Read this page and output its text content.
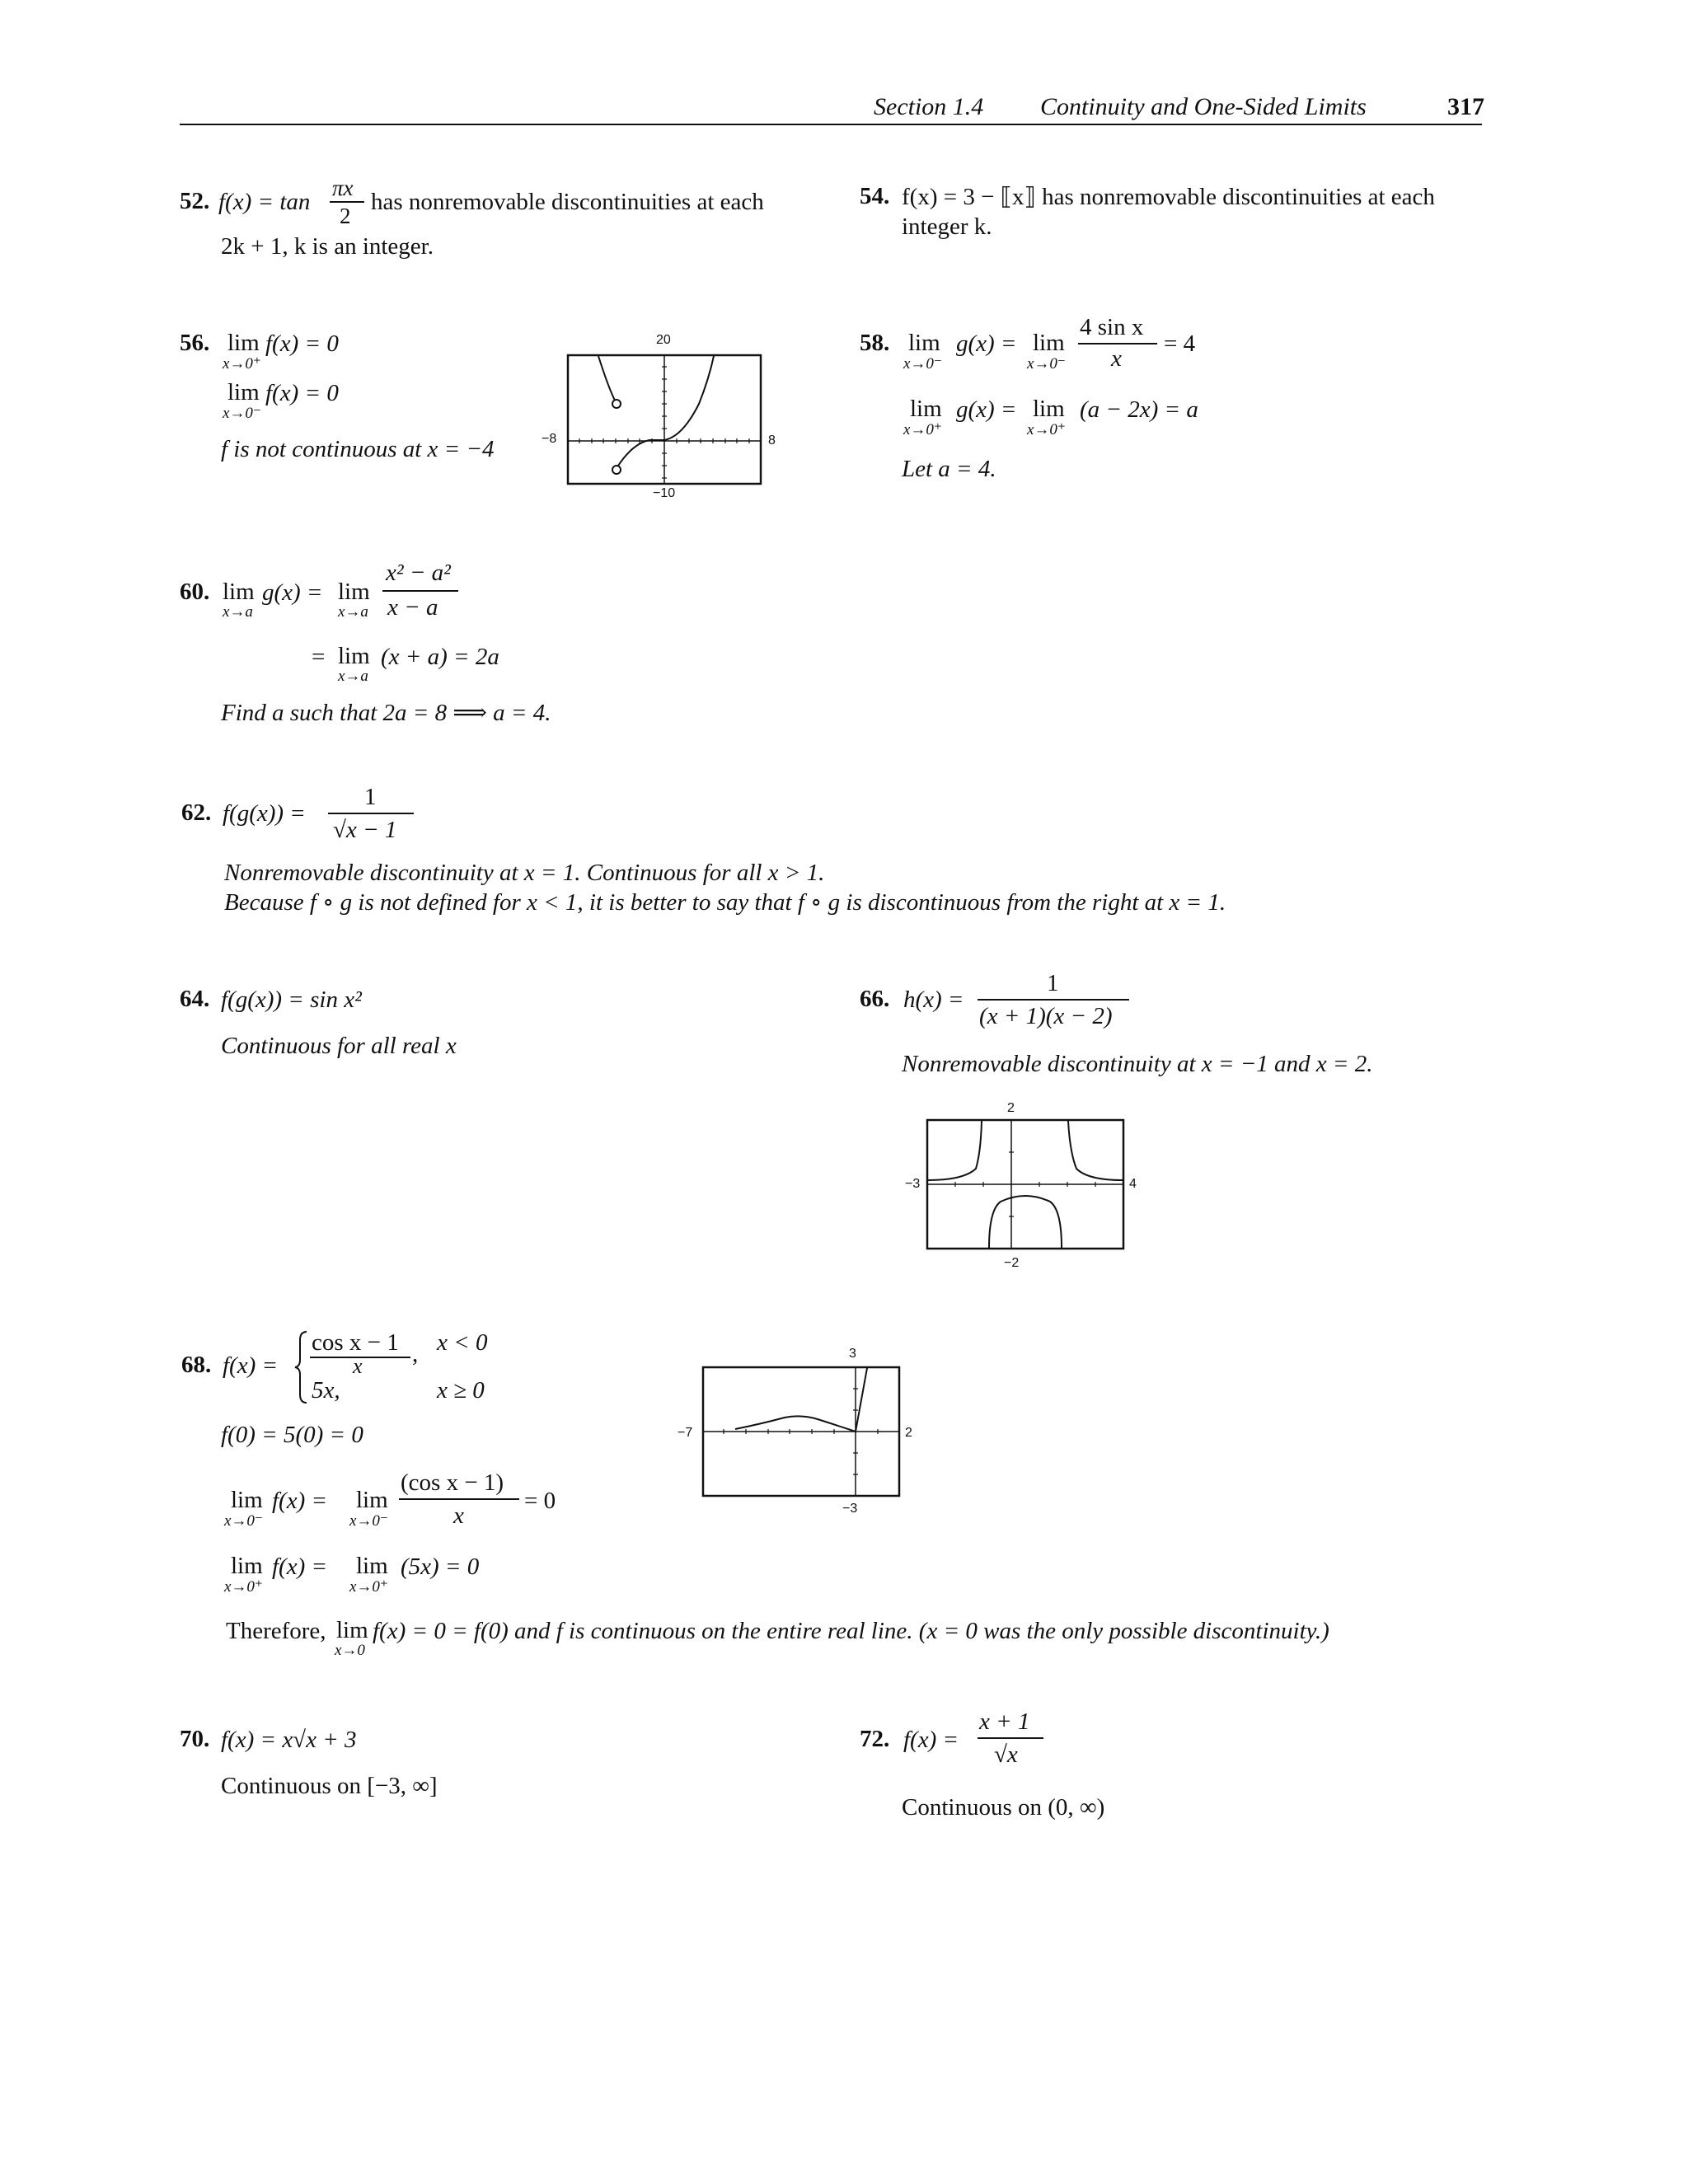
Section 1.4 Continuity and One-Sided Limits	317
52. f(x) = tan
πx
2
has nonremovable discontinuities at each
2k + 1, k is an integer.
54. f(x) = 3 − ⟦x⟧ has nonremovable discontinuities at each
integer k.
56. lim f(x) = 0
x→0⁺
lim f(x) = 0
x→0⁻
f is not continuous at x = −4
20
−10
−8	8
58. lim g(x) = lim
x→0⁻	x→0⁻
4 sin x
x
= 4
lim g(x) = lim
x→0⁺	x→0⁺
(a − 2x) = a
Let a = 4.
60. lim g(x) = lim
x→a	x→a
x² − a²
x − a
= lim
x→a
(x + a) = 2a
Find a such that 2a = 8 ⟹ a = 4.
62. f(g(x)) =
1
√x − 1
Nonremovable discontinuity at x = 1. Continuous for all x > 1.
Because f ∘ g is not defined for x < 1, it is better to say that f ∘ g is discontinuous from the right at x = 1.
64. f(g(x)) = sin x²
Continuous for all real x
66. h(x) =
1
(x + 1)(x − 2)
Nonremovable discontinuity at x = −1 and x = 2.
2
−2
−3	4
68. f(x) =
cos x − 1
x , x < 0
5x,	x ≥ 0
f(0) = 5(0) = 0
lim f(x) = lim
x→0⁻	x→0⁻
(cos x − 1)
x
= 0
lim f(x) = lim
x→0⁺	x→0⁺
(5x) = 0
Therefore, lim
x→0
f(x) = 0 = f(0) and f is continuous on the entire real line. (x = 0 was the only possible discontinuity.)
3
−3
−7	2
70. f(x) = x√x + 3
Continuous on [−3, ∞]
72. f(x) =
x + 1
√x
Continuous on (0, ∞)
